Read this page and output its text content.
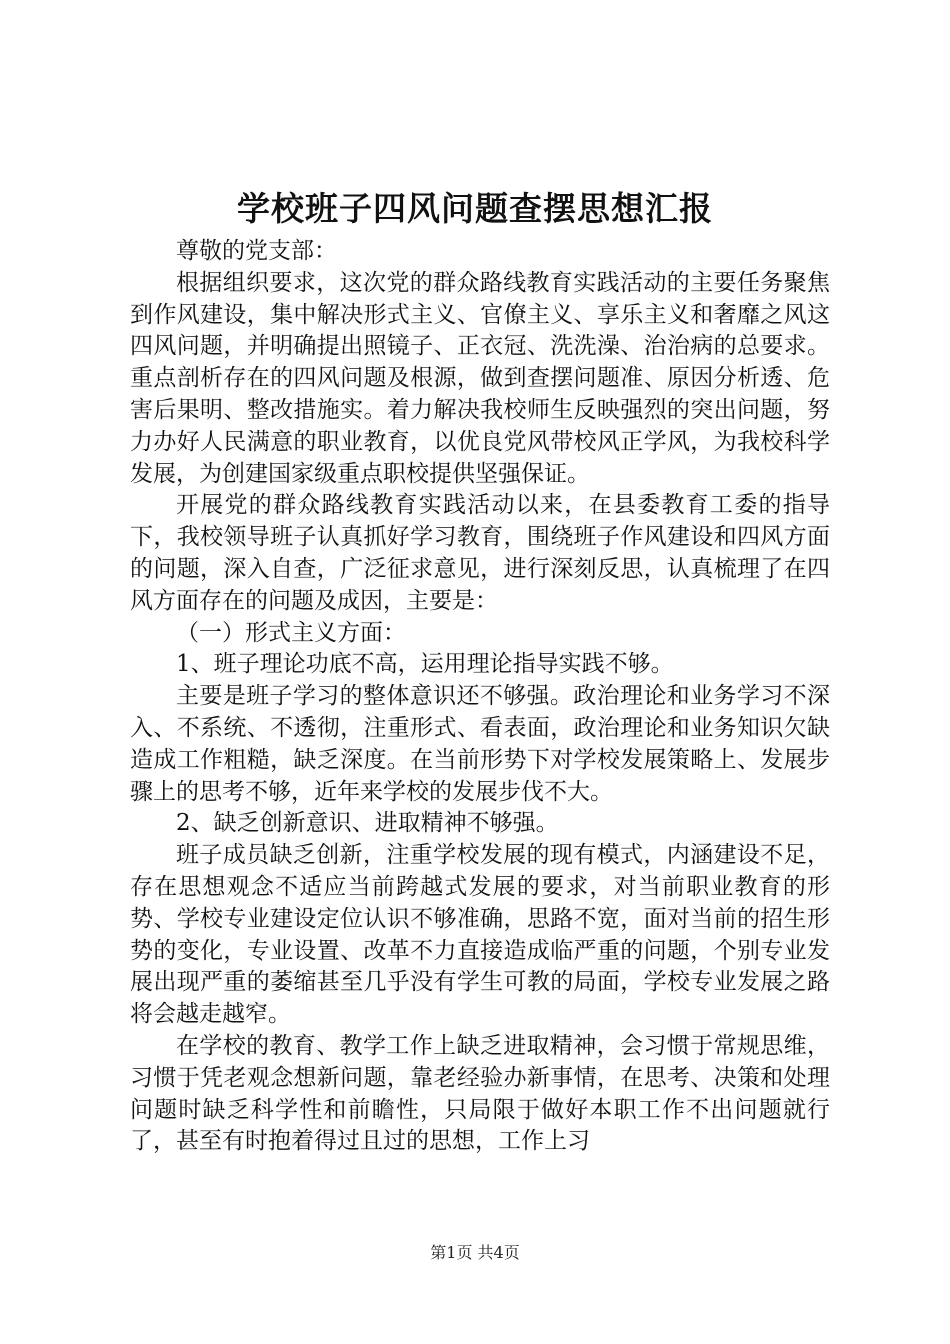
学校班子四风问题查摆思想汇报

尊敬的党支部：

根据组织要求，这次党的群众路线教育实践活动的主要任务聚焦到作风建设，集中解决形式主义、官僚主义、享乐主义和奢靡之风这四风问题，并明确提出照镜子、正衣冠、洗洗澡、治治病的总要求。重点剖析存在的四风问题及根源，做到查摆问题准、原因分析透、危害后果明、整改措施实。着力解决我校师生反映强烈的突出问题，努力办好人民满意的职业教育，以优良党风带校风正学风，为我校科学发展，为创建国家级重点职校提供坚强保证。

开展党的群众路线教育实践活动以来，在县委教育工委的指导下，我校领导班子认真抓好学习教育，围绕班子作风建设和四风方面的问题，深入自查，广泛征求意见，进行深刻反思，认真梳理了在四风方面存在的问题及成因，主要是：

（一）形式主义方面：

1、班子理论功底不高，运用理论指导实践不够。

主要是班子学习的整体意识还不够强。政治理论和业务学习不深入、不系统、不透彻，注重形式、看表面，政治理论和业务知识欠缺造成工作粗糙，缺乏深度。在当前形势下对学校发展策略上、发展步骤上的思考不够，近年来学校的发展步伐不大。

2、缺乏创新意识、进取精神不够强。

班子成员缺乏创新，注重学校发展的现有模式，内涵建设不足，存在思想观念不适应当前跨越式发展的要求，对当前职业教育的形势、学校专业建设定位认识不够准确，思路不宽，面对当前的招生形势的变化，专业设置、改革不力直接造成临严重的问题，个别专业发展出现严重的萎缩甚至几乎没有学生可教的局面，学校专业发展之路将会越走越窄。

在学校的教育、教学工作上缺乏进取精神，会习惯于常规思维，习惯于凭老观念想新问题，靠老经验办新事情，在思考、决策和处理问题时缺乏科学性和前瞻性，只局限于做好本职工作不出问题就行了，甚至有时抱着得过且过的思想，工作上习

第1页 共4页
